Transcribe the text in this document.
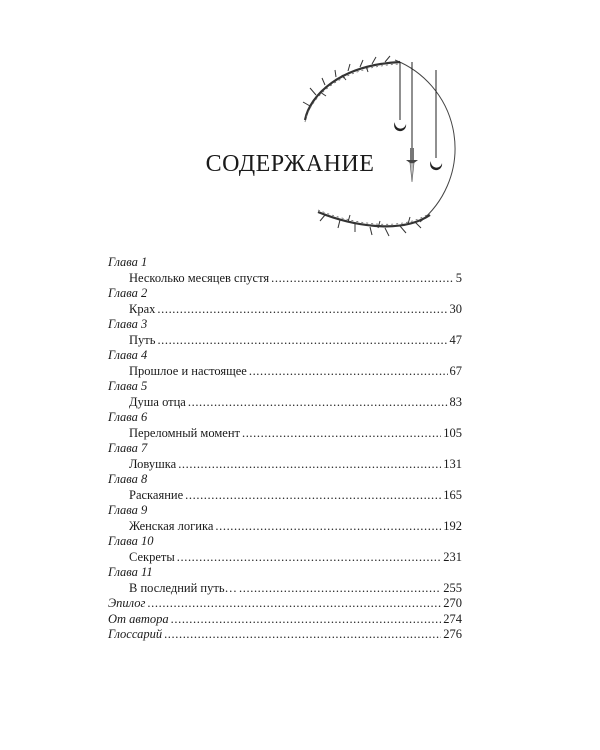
СОДЕРЖАНИЕ
Глава 1
Несколько месяцев спустя .....	5
Глава 2
Крах .....	30
Глава 3
Путь .....	47
Глава 4
Прошлое и настоящее .....	67
Глава 5
Душа отца .....	83
Глава 6
Переломный момент .....	105
Глава 7
Ловушка .....	131
Глава 8
Раскаяние .....	165
Глава 9
Женская логика .....	192
Глава 10
Секреты .....	231
Глава 11
В последний путь… .....	255
Эпилог .....	270
От автора .....	274
Глоссарий .....	276
